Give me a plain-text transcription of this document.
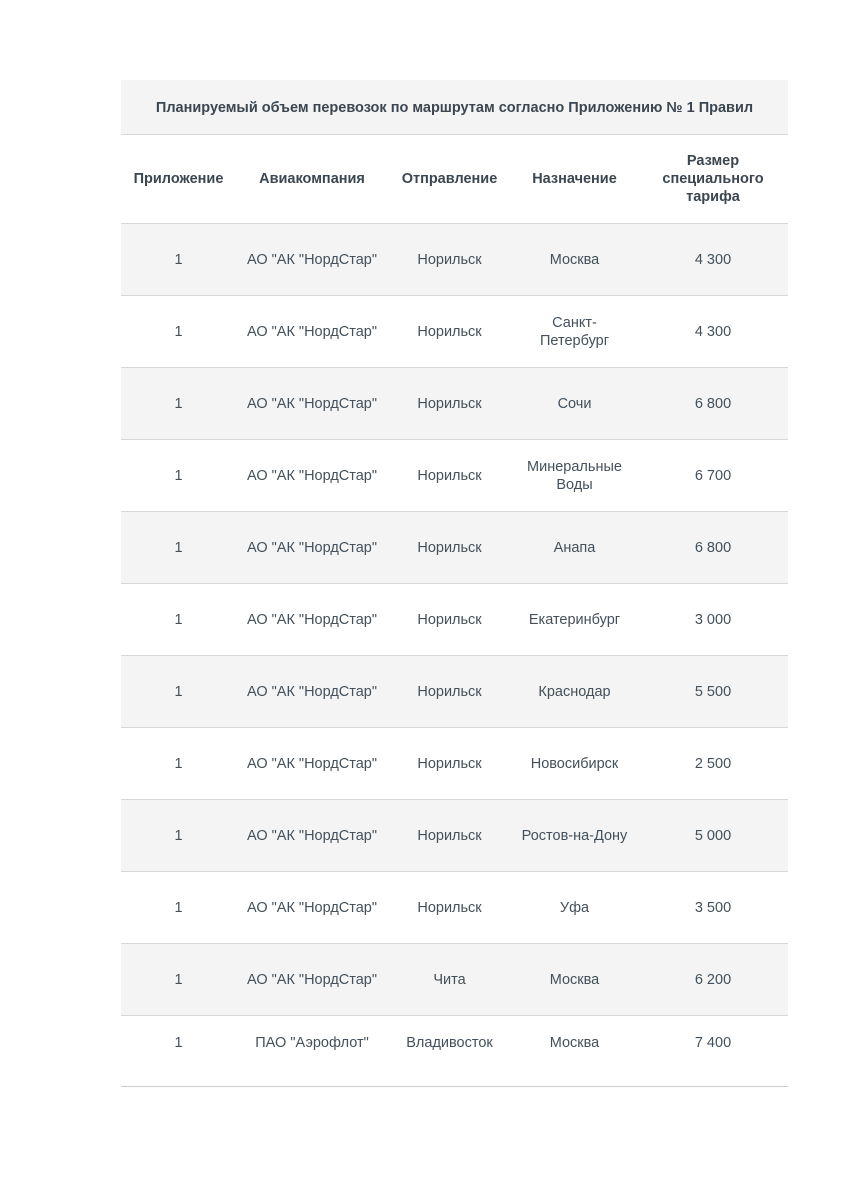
Планируемый объем перевозок по маршрутам согласно Приложению № 1 Правил
Приложение	Авиакомпания	Отправление	Назначение	Размер специального тарифа
1	АО "АК "НордСтар"	Норильск	Москва	4 300
1	АО "АК "НордСтар"	Норильск	Санкт-Петербург	4 300
1	АО "АК "НордСтар"	Норильск	Сочи	6 800
1	АО "АК "НордСтар"	Норильск	Минеральные Воды	6 700
1	АО "АК "НордСтар"	Норильск	Анапа	6 800
1	АО "АК "НордСтар"	Норильск	Екатеринбург	3 000
1	АО "АК "НордСтар"	Норильск	Краснодар	5 500
1	АО "АК "НордСтар"	Норильск	Новосибирск	2 500
1	АО "АК "НордСтар"	Норильск	Ростов-на-Дону	5 000
1	АО "АК "НордСтар"	Норильск	Уфа	3 500
1	АО "АК "НордСтар"	Чита	Москва	6 200
1	ПАО "Аэрофлот"	Владивосток	Москва	7 400
